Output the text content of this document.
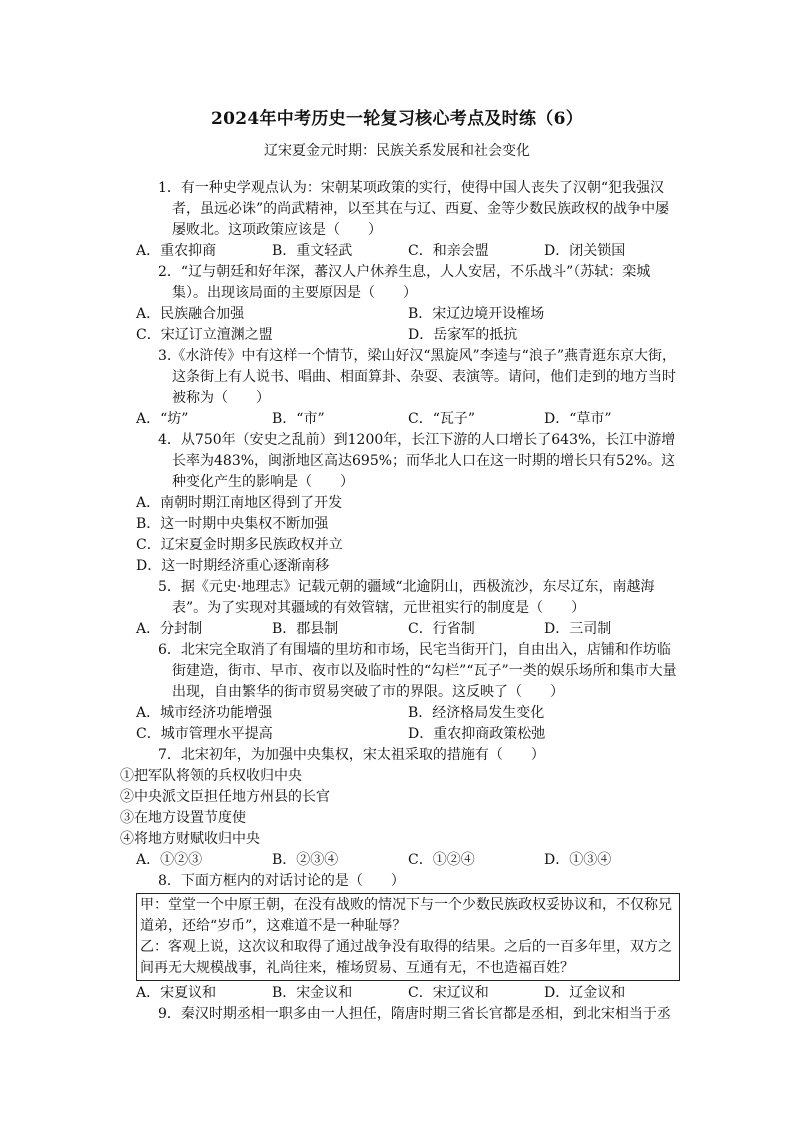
2024年中考历史一轮复习核心考点及时练（6）
辽宋夏金元时期：民族关系发展和社会变化

1．有一种史学观点认为：宋朝某项政策的实行，使得中国人丧失了汉朝“犯我强汉者，虽远必诛”的尚武精神，以至其在与辽、西夏、金等少数民族政权的战争中屡屡败北。这项政策应该是（　　）

A．重农抑商	B．重文轻武	C．和亲会盟	D．闭关锁国

2．“辽与朝廷和好年深，蕃汉人户休养生息，人人安居，不乐战斗”（苏轼：栾城集）。出现该局面的主要原因是（　　）

A．民族融合加强	B．宋辽边境开设榷场
C．宋辽订立澶渊之盟	D．岳家军的抵抗

3.《水浒传》中有这样一个情节，梁山好汉“黑旋风”李逵与“浪子”燕青逛东京大街，这条街上有人说书、唱曲、相面算卦、杂耍、表演等。请问，他们走到的地方当时被称为（　　）

A．“坊”	B．“市”	C．“瓦子”	D．“草市”

4．从750年（安史之乱前）到1200年，长江下游的人口增长了643%，长江中游增长率为483%，闽浙地区高达695%；而华北人口在这一时期的增长只有52%。这种变化产生的影响是（　　）

A．南朝时期江南地区得到了开发

B．这一时期中央集权不断加强

C．辽宋夏金时期多民族政权并立

D．这一时期经济重心逐渐南移

5．据《元史·地理志》记载元朝的疆域“北逾阴山，西极流沙，东尽辽东，南越海表”。为了实现对其疆域的有效管辖，元世祖实行的制度是（　　）

A．分封制	B．郡县制	C．行省制	D．三司制

6．北宋完全取消了有围墙的里坊和市场，民宅当街开门，自由出入，店铺和作坊临街建造，街市、早市、夜市以及临时性的“勾栏”“瓦子”一类的娱乐场所和集市大量出现，自由繁华的街市贸易突破了市的界限。这反映了（　　）

A．城市经济功能增强	B．经济格局发生变化
C．城市管理水平提高	D．重农抑商政策松弛

7．北宋初年，为加强中央集权，宋太祖采取的措施有（　　）

①把军队将领的兵权收归中央

②中央派文臣担任地方州县的长官

③在地方设置节度使

④将地方财赋收归中央

A．①②③	B．②③④	C．①②④	D．①③④

8．下面方框内的对话讨论的是（　　）

甲：堂堂一个中原王朝，在没有战败的情况下与一个少数民族政权妥协议和，不仅称兄道弟，还给“岁币”，这难道不是一种耻辱？

乙：客观上说，这次议和取得了通过战争没有取得的结果。之后的一百多年里，双方之间再无大规模战事，礼尚往来，榷场贸易、互通有无，不也造福百姓？

A．宋夏议和	B．宋金议和	C．宋辽议和	D．辽金议和

9．秦汉时期丞相一职多由一人担任，隋唐时期三省长官都是丞相，到北宋相当于丞
